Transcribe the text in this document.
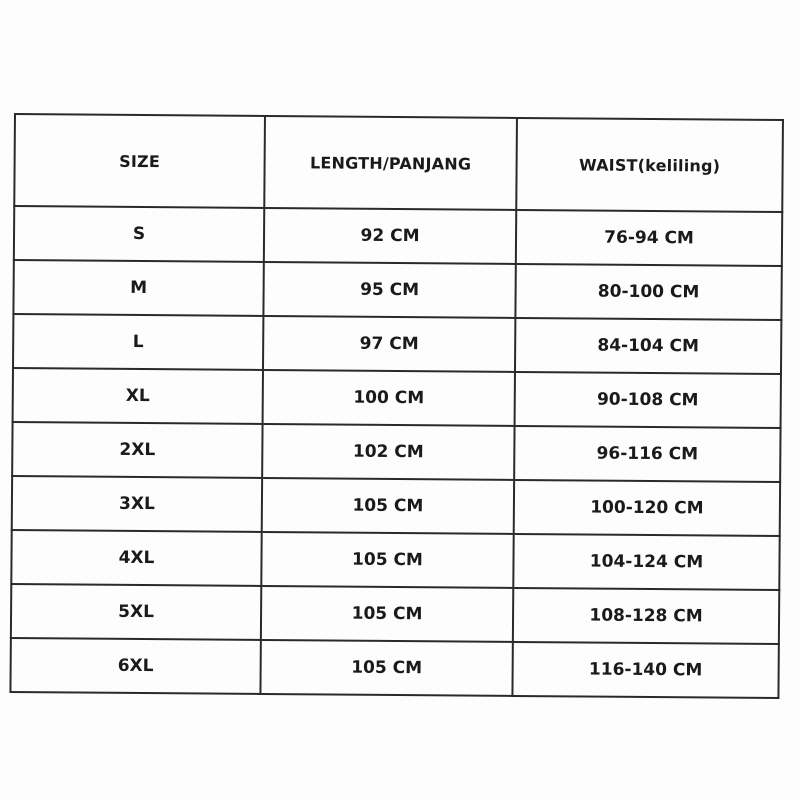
SIZE	LENGTH/PANJANG	WAIST(keliling)
S	92 CM	76-94 CM
M	95 CM	80-100 CM
L	97 CM	84-104 CM
XL	100 CM	90-108 CM
2XL	102 CM	96-116 CM
3XL	105 CM	100-120 CM
4XL	105 CM	104-124 CM
5XL	105 CM	108-128 CM
6XL	105 CM	116-140 CM
